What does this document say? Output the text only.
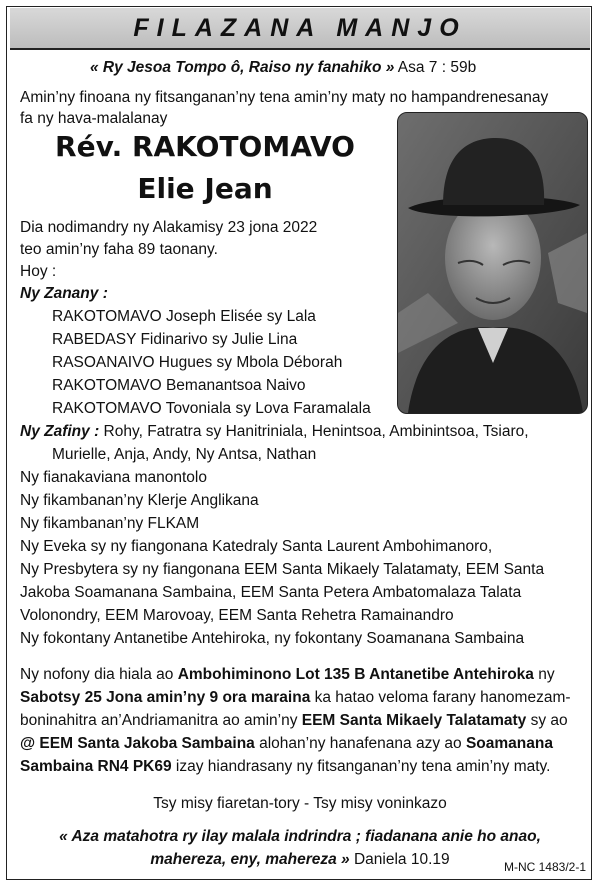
FILAZANA MANJO
« Ry Jesoa Tompo ô, Raiso ny fanahiko » Asa 7 : 59b
Amin’ny finoana ny fitsanganan’ny tena amin’ny maty no hampandrenesanay
fa ny hava-malalanay
Rév. RAKOTOMAVO
Elie Jean
Dia nodimandry ny Alakamisy 23 jona 2022
teo amin’ny faha 89 taonany.
Hoy :
Ny Zanany :
RAKOTOMAVO Joseph Elisée sy Lala
RABEDASY Fidinarivo sy Julie Lina
RASOANAIVO Hugues sy Mbola Déborah
RAKOTOMAVO Bemanantsoa Naivo
RAKOTOMAVO Tovoniala sy Lova Faramalala
Ny Zafiny : Rohy, Fatratra sy Hanitriniala, Henintsoa, Ambinintsoa, Tsiaro,
Murielle, Anja, Andy, Ny Antsa, Nathan
Ny fianakaviana manontolo
Ny fikambanan’ny Klerje Anglikana
Ny fikambanan’ny FLKAM
Ny Eveka sy ny fiangonana Katedraly Santa Laurent Ambohimanoro,
Ny Presbytera sy ny fiangonana EEM Santa Mikaely Talatamaty, EEM Santa
Jakoba Soamanana Sambaina, EEM Santa Petera Ambatomalaza Talata
Volonondry, EEM Marovoay, EEM Santa Rehetra Ramainandro
Ny fokontany Antanetibe Antehiroka, ny fokontany Soamanana Sambaina
Ny nofony dia hiala ao Ambohiminono Lot 135 B Antanetibe Antehiroka ny
Sabotsy 25 Jona amin’ny 9 ora maraina ka hatao veloma farany hanomezam-
boninahitra an’Andriamanitra ao amin’ny EEM Santa Mikaely Talatamaty sy ao
@ EEM Santa Jakoba Sambaina alohan’ny hanafenana azy ao Soamanana
Sambaina RN4 PK69 izay hiandrasany ny fitsanganan’ny tena amin’ny maty.
Tsy misy fiaretan-tory - Tsy misy voninkazo
« Aza matahotra ry ilay malala indrindra ; fiadanana anie ho anao,
mahereza, eny, mahereza » Daniela 10.19	M-NC 1483/2-1
